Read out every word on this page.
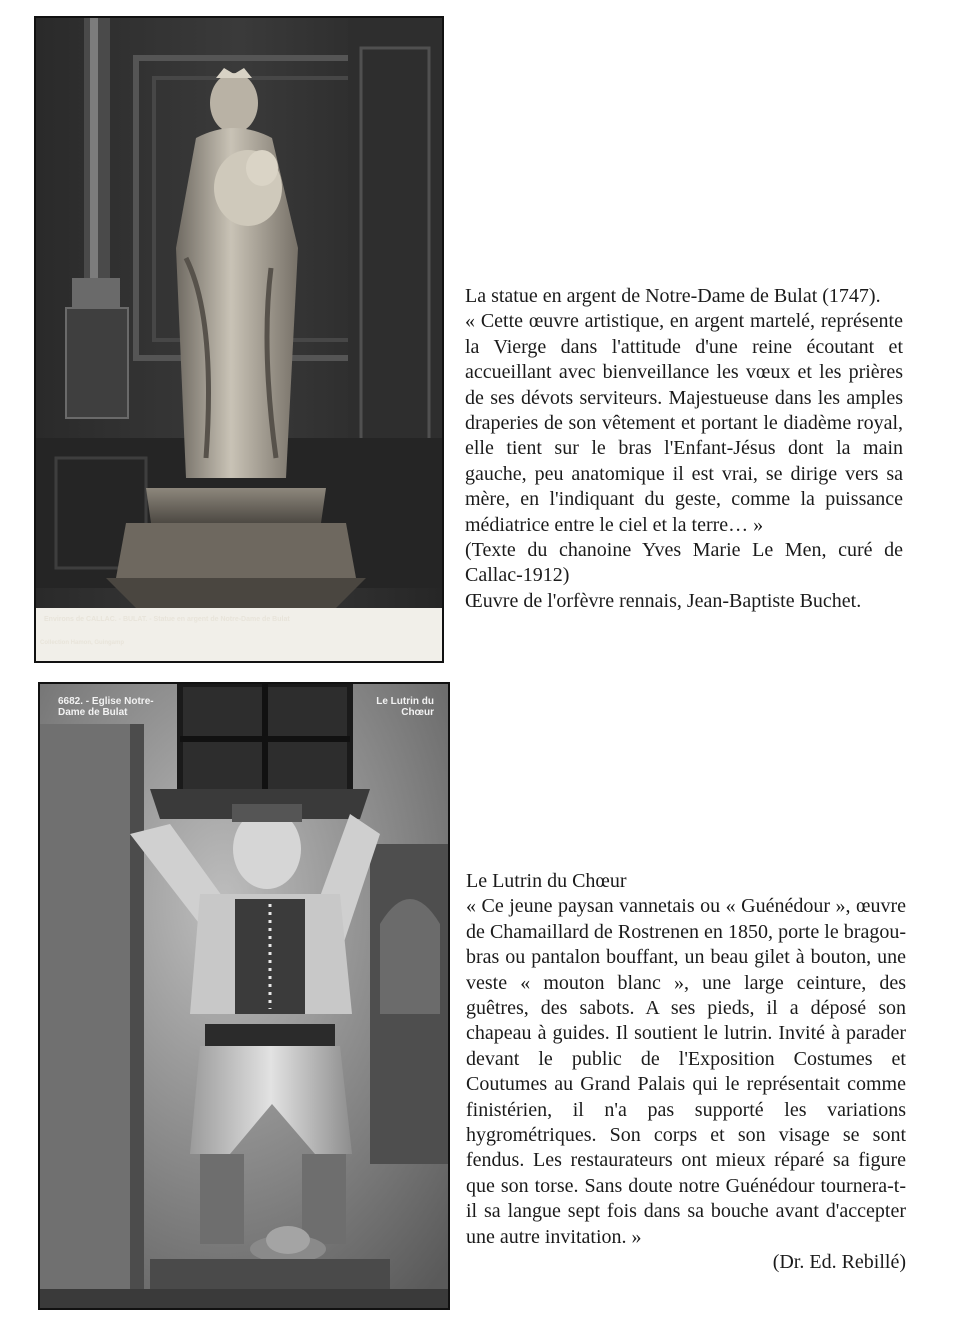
Environs de CALLAC. - BULAT. - Statue en argent de Notre-Dame de Bulat
Collection Hamon, Guingamp

La statue en argent de Notre-Dame de Bulat (1747).

« Cette œuvre artistique, en argent martelé, représente la Vierge dans l'attitude d'une reine écoutant et accueillant avec bienveillance les vœux et les prières de ses dévots serviteurs. Majestueuse dans les amples draperies de son vêtement et portant le diadème royal, elle tient sur le bras l'Enfant-Jésus dont la main gauche, peu anatomique il est vrai, se dirige vers sa mère, en l'indiquant du geste, comme la puissance médiatrice entre le ciel et la terre… »

(Texte du chanoine Yves Marie Le Men, curé de Callac-1912)

Œuvre de l'orfèvre rennais, Jean-Baptiste Buchet.

6682. - Eglise Notre-Dame de Bulat
Le Lutrin du Chœur

Le Lutrin du Chœur

« Ce jeune paysan vannetais ou « Guénédour », œuvre de Chamaillard de Rostrenen en 1850, porte le bragou-bras ou pantalon bouffant, un beau gilet à bouton, une veste « mouton blanc », une large ceinture, des guêtres, des sabots. A ses pieds, il a déposé son chapeau à guides. Il soutient le lutrin. Invité à parader devant le public de l'Exposition Costumes et Coutumes au Grand Palais qui le représentait comme finistérien, il n'a pas supporté les variations hygrométriques. Son corps et son visage se sont fendus. Les restaurateurs ont mieux réparé sa figure que son torse. Sans doute notre Guénédour tournera-t-il sa langue sept fois dans sa bouche avant d'accepter une autre invitation. »

(Dr. Ed. Rebillé)
